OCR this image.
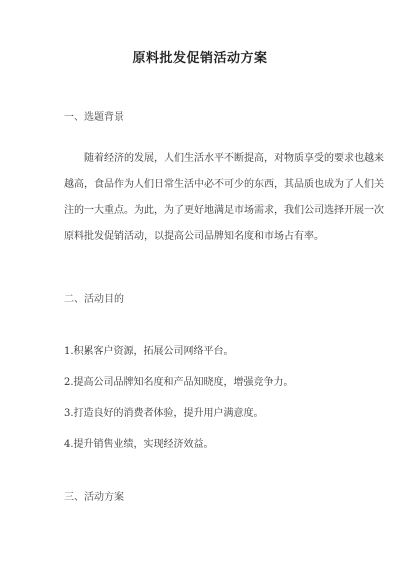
原料批发促销活动方案
一、选题背景
随着经济的发展，人们生活水平不断提高，对物质享受的要求也越来
越高，食品作为人们日常生活中必不可少的东西，其品质也成为了人们关
注的一大重点。为此，为了更好地满足市场需求，我们公司选择开展一次
原料批发促销活动，以提高公司品牌知名度和市场占有率。
二、活动目的
1.积累客户资源，拓展公司网络平台。
2.提高公司品牌知名度和产品知晓度，增强竞争力。
3.打造良好的消费者体验，提升用户满意度。
4.提升销售业绩，实现经济效益。
三、活动方案
